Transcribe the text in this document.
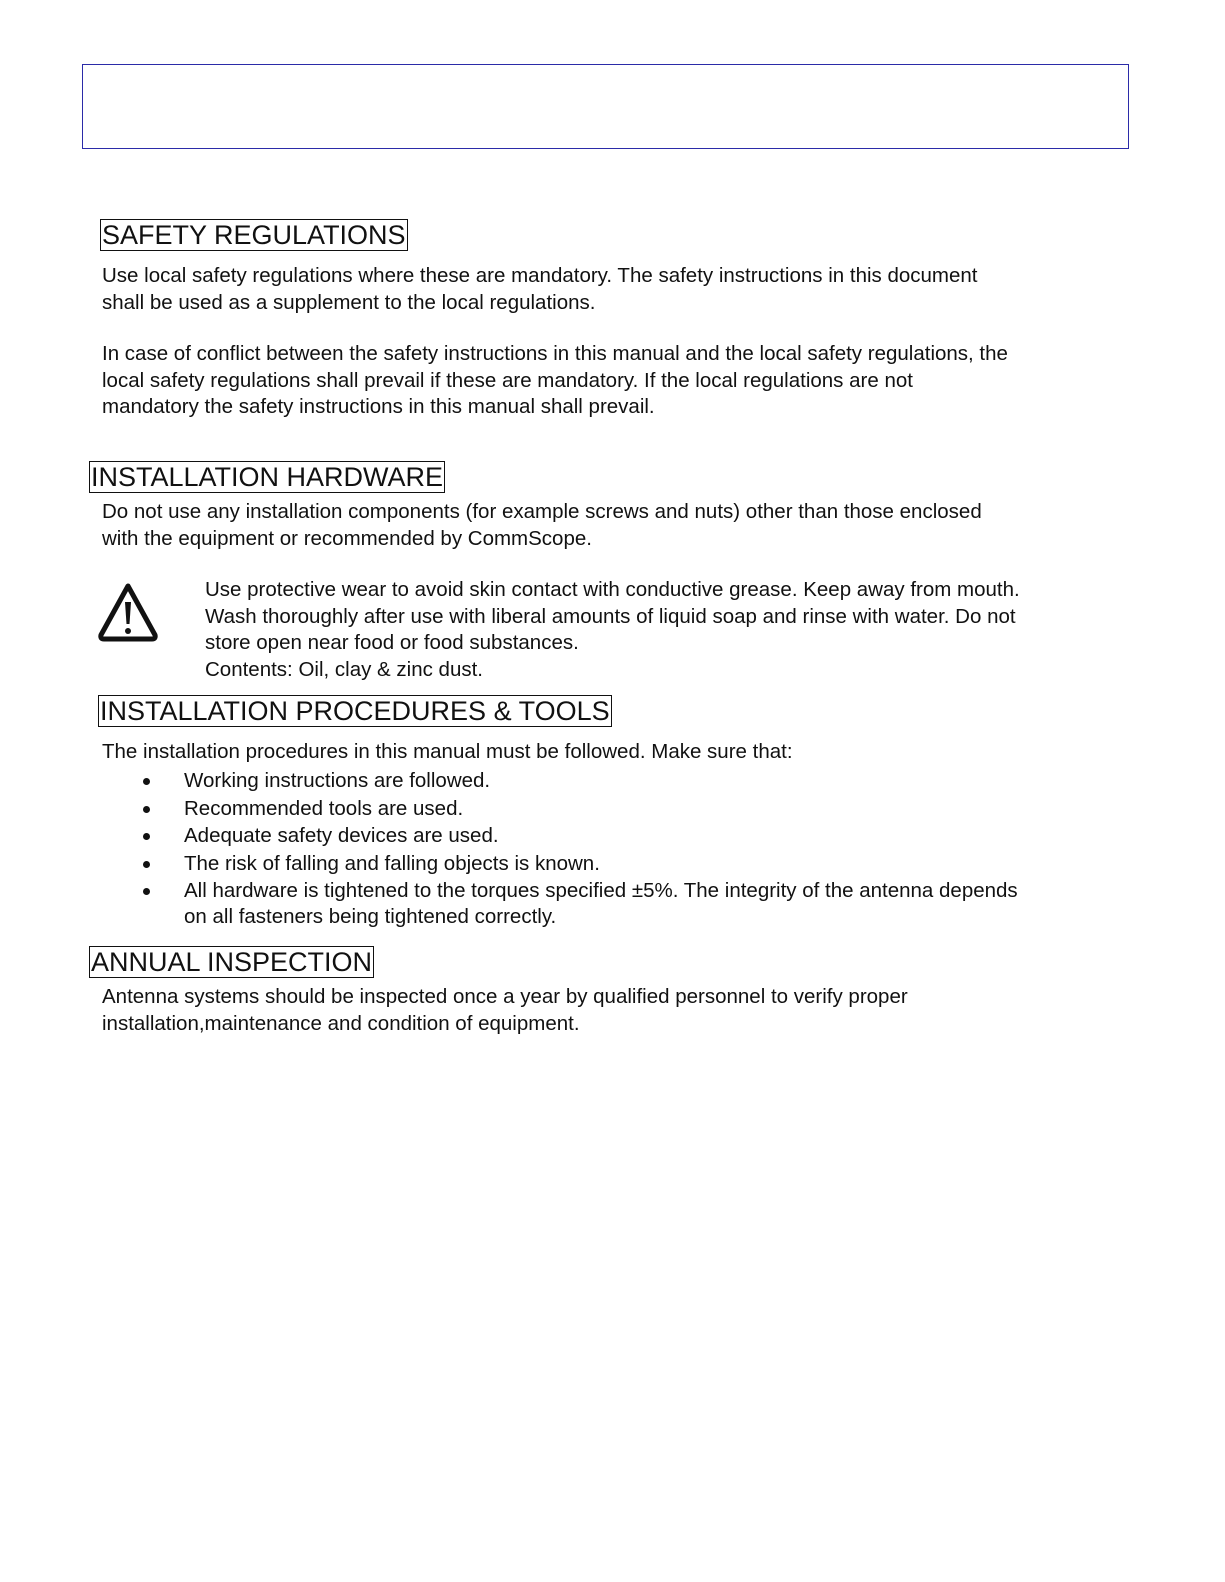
SAFETY REGULATIONS

Use local safety regulations where these are mandatory. The safety instructions in this document
shall be used as a supplement to the local regulations.

In case of conflict between the safety instructions in this manual and the local safety regulations, the
local safety regulations shall prevail if these are mandatory. If the local regulations are not
mandatory the safety instructions in this manual shall prevail.

INSTALLATION HARDWARE

Do not use any installation components (for example screws and nuts) other than those enclosed
with the equipment or recommended by CommScope.

Use protective wear to avoid skin contact with conductive grease. Keep away from mouth.
Wash thoroughly after use with liberal amounts of liquid soap and rinse with water. Do not
store open near food or food substances.
Contents: Oil, clay & zinc dust.

INSTALLATION PROCEDURES & TOOLS

The installation procedures in this manual must be followed. Make sure that:

Working instructions are followed.
Recommended tools are used.
Adequate safety devices are used.
The risk of falling and falling objects is known.
All hardware is tightened to the torques specified ±5%. The integrity of the antenna depends
on all fasteners being tightened correctly.
ANNUAL INSPECTION

Antenna systems should be inspected once a year by qualified personnel to verify proper
installation,maintenance and condition of equipment.
